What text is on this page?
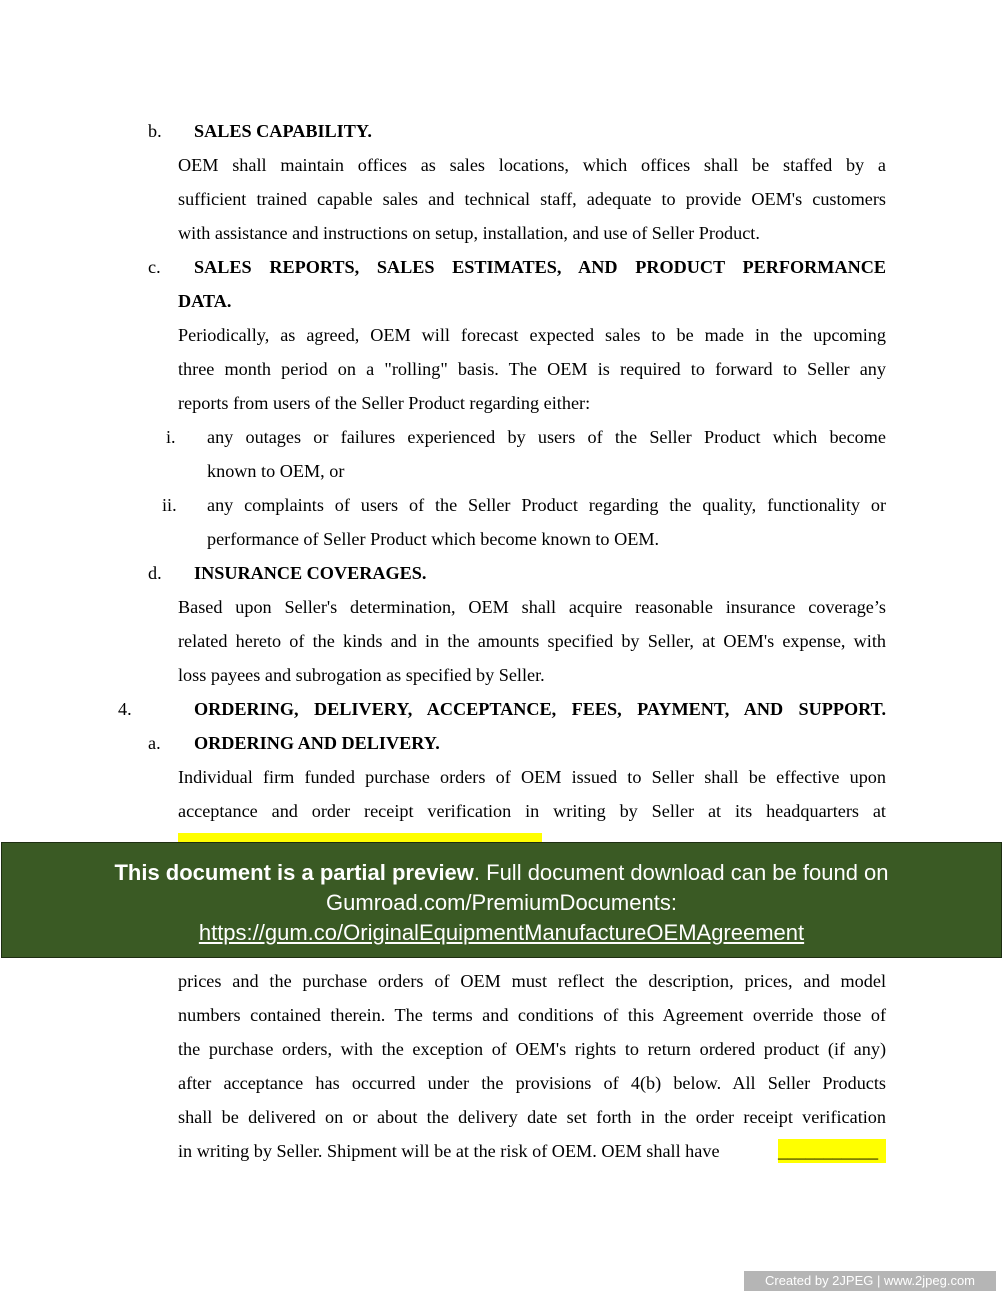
b. SALES CAPABILITY.
OEM shall maintain offices as sales locations, which offices shall be staffed by a
sufficient trained capable sales and technical staff, adequate to provide OEM's customers
with assistance and instructions on setup, installation, and use of Seller Product.
c. SALES REPORTS, SALES ESTIMATES, AND PRODUCT PERFORMANCE
DATA.
Periodically, as agreed, OEM will forecast expected sales to be made in the upcoming
three month period on a "rolling" basis. The OEM is required to forward to Seller any
reports from users of the Seller Product regarding either:
i. any outages or failures experienced by users of the Seller Product which become
known to OEM, or
ii. any complaints of users of the Seller Product regarding the quality, functionality or
performance of Seller Product which become known to OEM.
d. INSURANCE COVERAGES.
Based upon Seller's determination, OEM shall acquire reasonable insurance coverage’s
related hereto of the kinds and in the amounts specified by Seller, at OEM's expense, with
loss payees and subrogation as specified by Seller.
4.	ORDERING, DELIVERY, ACCEPTANCE, FEES, PAYMENT, AND SUPPORT.
a. ORDERING AND DELIVERY.
Individual firm funded purchase orders of OEM issued to Seller shall be effective upon
acceptance and order receipt verification in writing by Seller at its headquarters at
prices and the purchase orders of OEM must reflect the description, prices, and model
numbers contained therein. The terms and conditions of this Agreement override those of
the purchase orders, with the exception of OEM's rights to return ordered product (if any)
after acceptance has occurred under the provisions of 4(b) below. All Seller Products
shall be delivered on or about the delivery date set forth in the order receipt verification
in writing by Seller. Shipment will be at the risk of OEM. OEM shall have	___________
This document is a partial preview. Full document download can be found on
Gumroad.com/PremiumDocuments:
https://gum.co/OriginalEquipmentManufactureOEMAgreement
Created by 2JPEG | www.2jpeg.com
